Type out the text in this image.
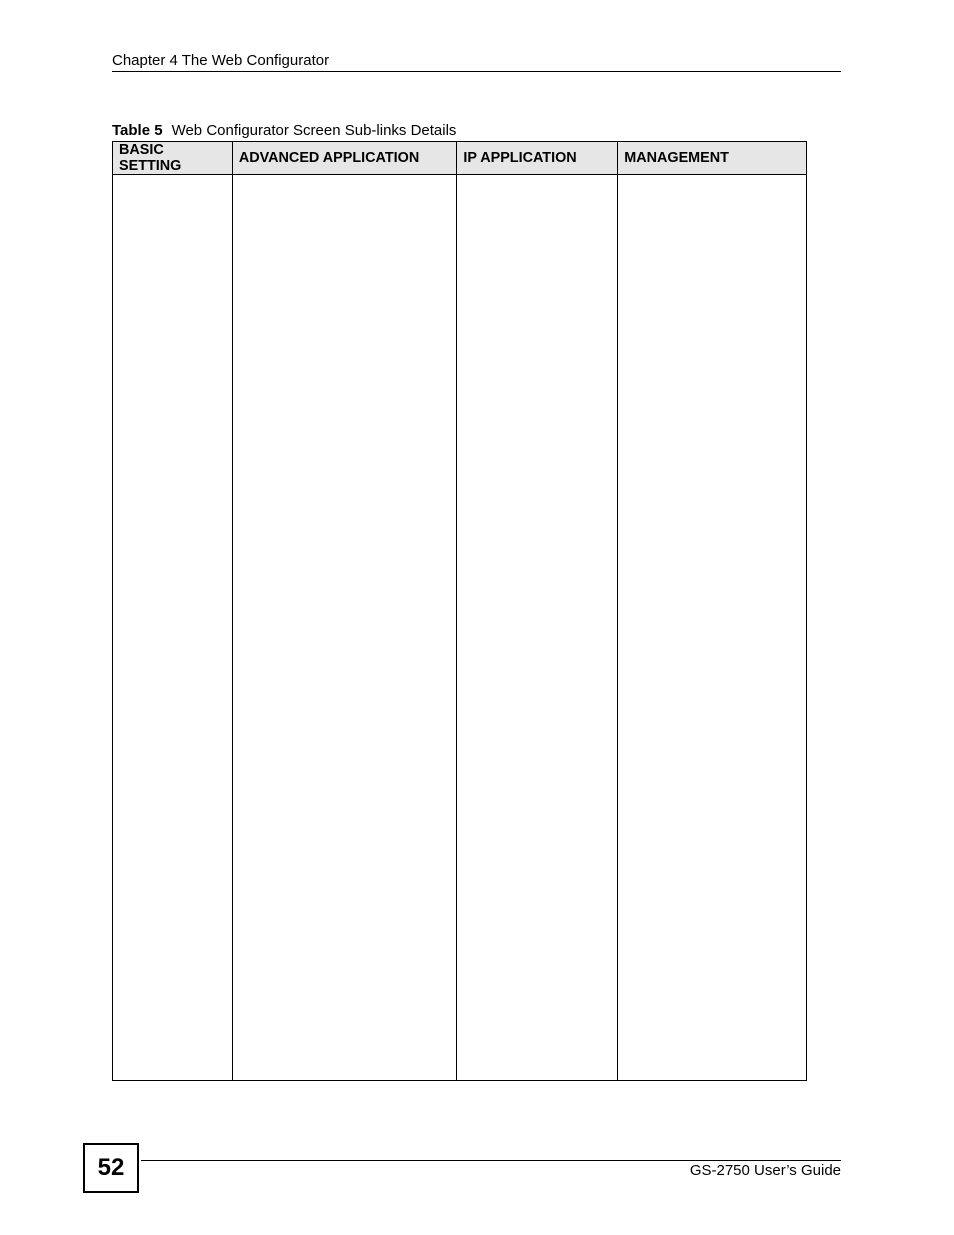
Chapter 4 The Web Configurator
Table 5 Web Configurator Screen Sub-links Details
BASIC SETTING	ADVANCED APPLICATION	IP APPLICATION	MANAGEMENT

52	GS-2750 User’s Guide
